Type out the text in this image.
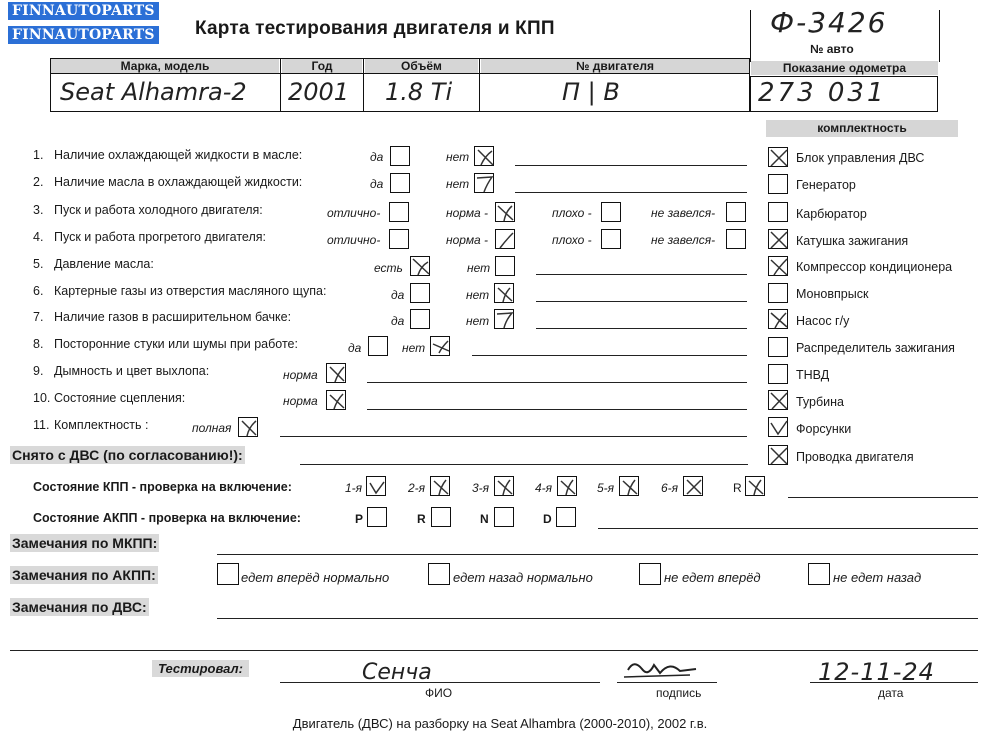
FINNAUTOPARTS
FINNAUTOPARTS Карта тестирования двигателя и КПП	Ф-3426
№ авто
Показание одометра
273 031
Марка, модель	Год	Объём	№ двигателя
Seat Alhamra-2 2001 1.8 Ti	П | B
комплектность
1. Наличие охлаждающей жидкости в масле:	да	нет
2. Наличие масла в охлаждающей жидкости:	да	нет
3. Пуск и работа холодного двигателя:	отлично-	норма -	плохо -	не завелся-
4. Пуск и работа прогретого двигателя:	отлично-	норма -	плохо -	не завелся-
5. Давление масла:	есть	нет
6. Картерные газы из отверстия масляного щупа:	да	нет
7. Наличие газов в расширительном бачке:	да	нет
8. Посторонние стуки или шумы при работе:	да	нет
9. Дымность и цвет выхлопа:	норма
10. Состояние сцепления:	норма
11. Комплектность :	полная
Блок управления ДВС
Генератор
Карбюратор
Катушка зажигания
Компрессор кондиционера
Моновпрыск
Насос г/у
Распределитель зажигания
ТНВД
Турбина
Форсунки
Проводка двигателя
Снято с ДВС (по согласованию!):
Состояние КПП - проверка на включение:	1-я	2-я	3-я	4-я	5-я	6-я	R
Состояние АКПП - проверка на включение:	P	R	N	D
Замечания по МКПП:
Замечания по АКПП:	едет вперёд нормально	едет назад нормально	не едет вперёд	не едет назад
Замечания по ДВС:
Тестировал:	Сенча	12-11-24
ФИО	подпись	дата
Двигатель (ДВС) на разборку на Seat Alhambra (2000-2010), 2002 г.в.
